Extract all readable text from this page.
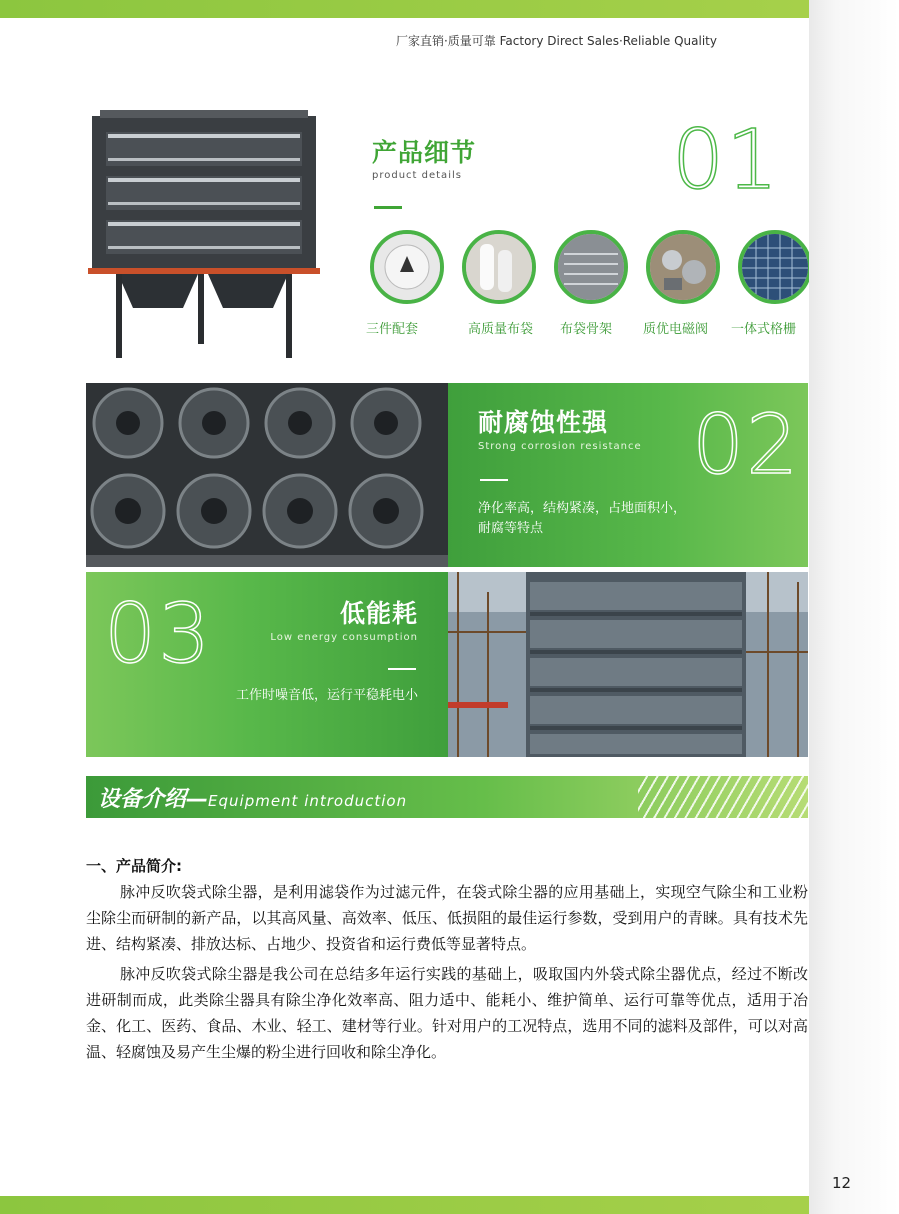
厂家直销·质量可靠 Factory Direct Sales·Reliable Quality
产品细节
product details	01
三件配套	高质量布袋 布袋骨架 质优电磁阀 一体式格栅
耐腐蚀性强
Strong corrosion resistance
净化率高，结构紧凑，占地面积小，
耐腐等特点
02
03	低能耗
Low energy consumption
工作时噪音低，运行平稳耗电小
设备介绍—Equipment introduction
一、产品简介:
脉冲反吹袋式除尘器，是利用滤袋作为过滤元件，在袋式除尘器的应用基础上，实现空气除尘和工业粉尘除尘而研制的新产品，以其高风量、高效率、低压、低损阻的最佳运行参数，受到用户的青睐。具有技术先进、结构紧凑、排放达标、占地少、投资省和运行费低等显著特点。
脉冲反吹袋式除尘器是我公司在总结多年运行实践的基础上，吸取国内外袋式除尘器优点，经过不断改进研制而成，此类除尘器具有除尘净化效率高、阻力适中、能耗小、维护简单、运行可靠等优点，适用于冶金、化工、医药、食品、木业、轻工、建材等行业。针对用户的工况特点，选用不同的滤料及部件，可以对高温、轻腐蚀及易产生尘爆的粉尘进行回收和除尘净化。
12
